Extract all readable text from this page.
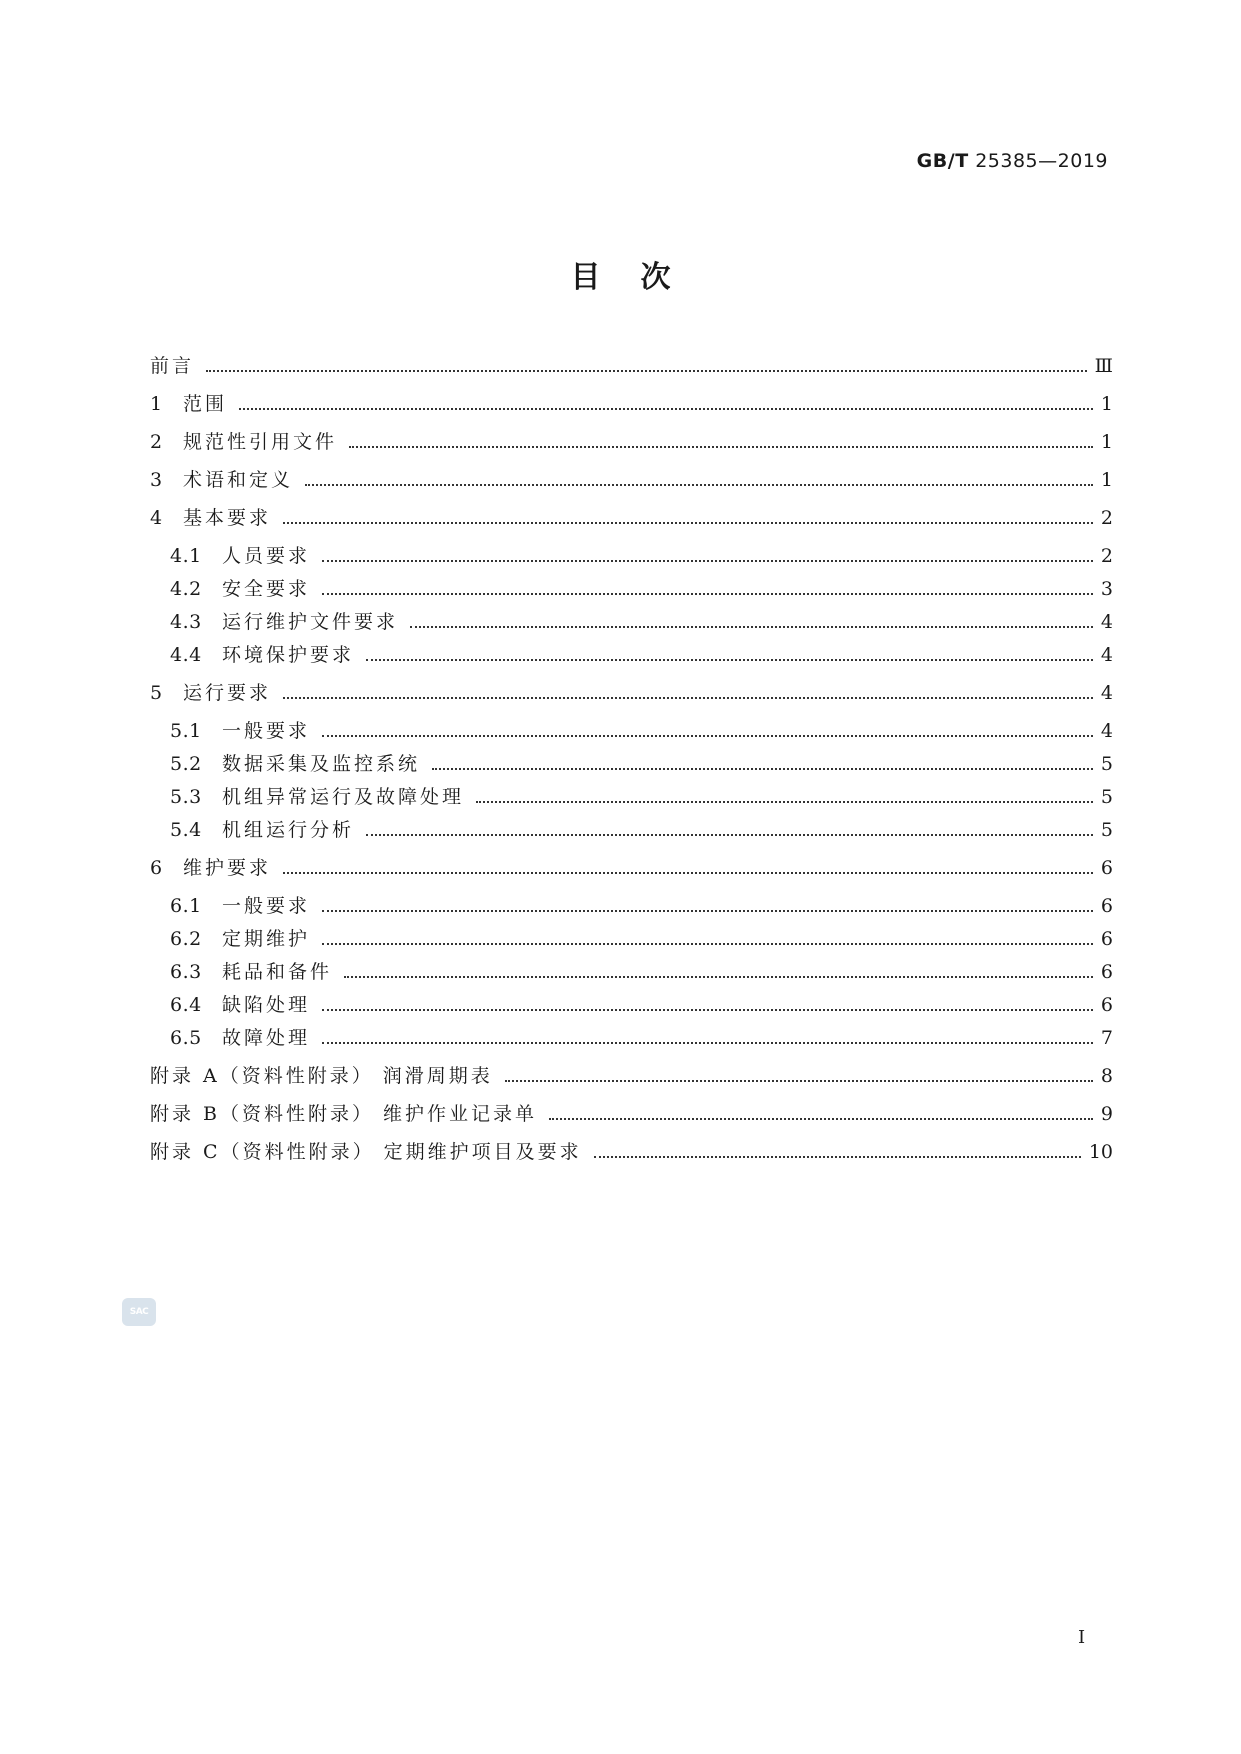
GB/T 25385—2019
目次
前言	Ⅲ
1	范围	1
2	规范性引用文件	1
3	术语和定义	1
4	基本要求	2
4.1	人员要求	2
4.2	安全要求	3
4.3	运行维护文件要求	4
4.4	环境保护要求	4
5	运行要求	4
5.1	一般要求	4
5.2	数据采集及监控系统	5
5.3	机组异常运行及故障处理	5
5.4	机组运行分析	5
6	维护要求	6
6.1	一般要求	6
6.2	定期维护	6
6.3	耗品和备件	6
6.4	缺陷处理	6
6.5	故障处理	7
附录 A（资料性附录） 润滑周期表	8
附录 B（资料性附录） 维护作业记录单	9
附录 C（资料性附录） 定期维护项目及要求	10
SAC
I
